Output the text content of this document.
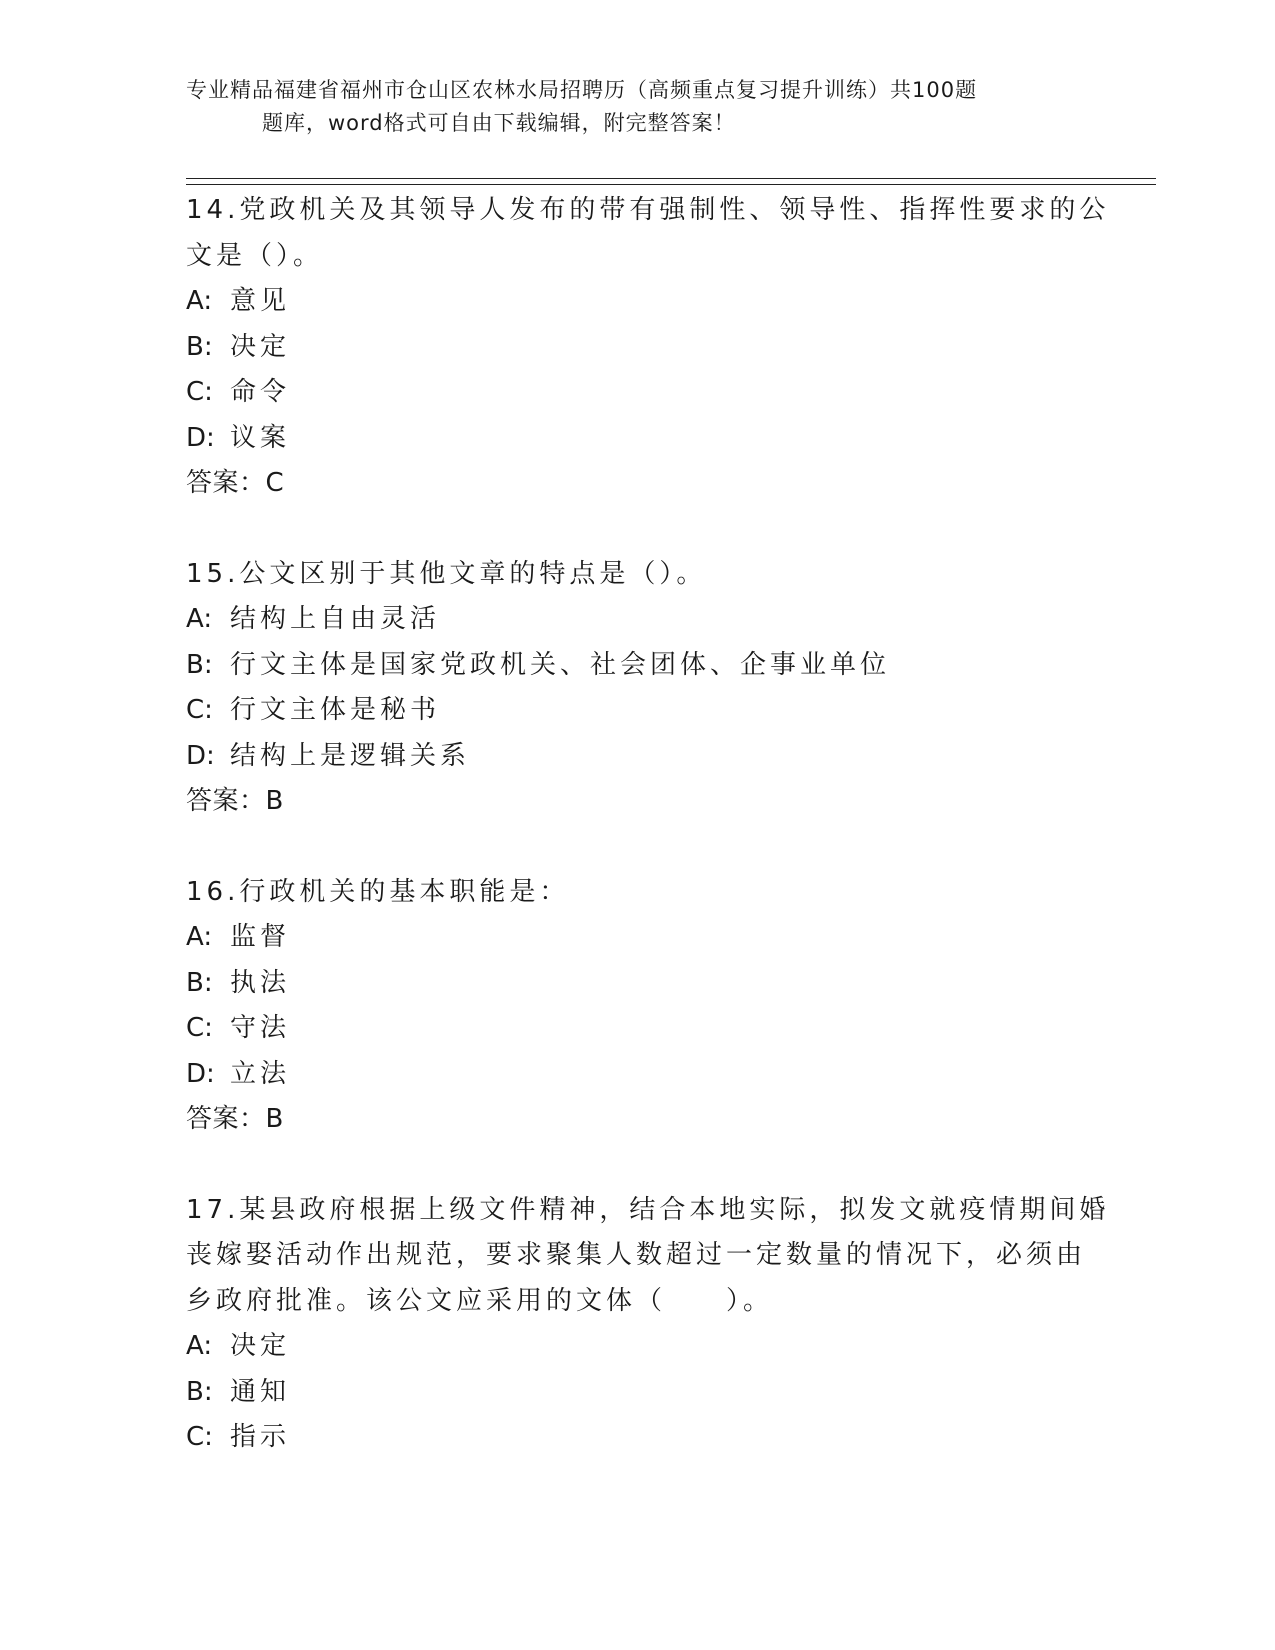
专业精品福建省福州市仓山区农林水局招聘历（高频重点复习提升训练）共100题
题库，word格式可自由下载编辑，附完整答案！
14.党政机关及其领导人发布的带有强制性、领导性、指挥性要求的公
文是（）。
A: 意见
B: 决定
C: 命令
D: 议案
答案：C
15.公文区别于其他文章的特点是（）。
A: 结构上自由灵活
B: 行文主体是国家党政机关、社会团体、企事业单位
C: 行文主体是秘书
D: 结构上是逻辑关系
答案：B
16.行政机关的基本职能是：
A: 监督
B: 执法
C: 守法
D: 立法
答案：B
17.某县政府根据上级文件精神，结合本地实际，拟发文就疫情期间婚
丧嫁娶活动作出规范，要求聚集人数超过一定数量的情况下，必须由
乡政府批准。该公文应采用的文体（　　）。
A: 决定
B: 通知
C: 指示
